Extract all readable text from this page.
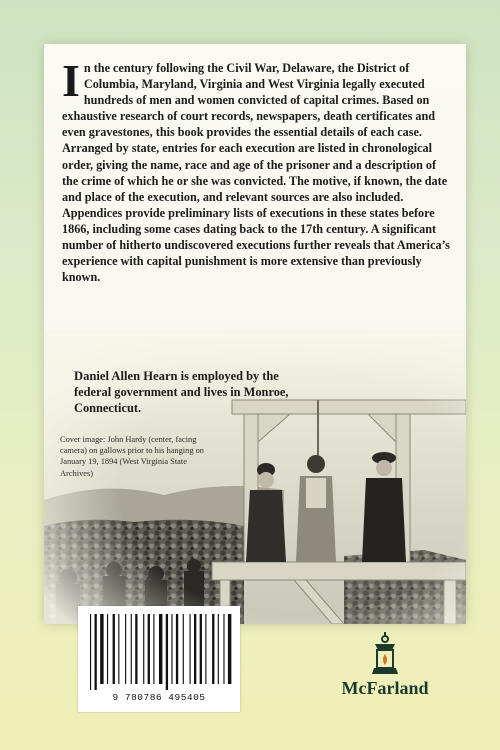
In the century following the Civil War, Delaware, the District of Columbia, Maryland, Virginia and West Virginia legally executed hundreds of men and women convicted of capital crimes. Based on exhaustive research of court records, newspapers, death certificates and even gravestones, this book provides the essential details of each case. Arranged by state, entries for each execution are listed in chronological order, giving the name, race and age of the prisoner and a description of the crime of which he or she was convicted. The motive, if known, the date and place of the execution, and relevant sources are also included. Appendices provide preliminary lists of executions in these states before 1866, including some cases dating back to the 17th century. A significant number of hitherto undiscovered executions further reveals that America’s experience with capital punishment is more extensive than previously known.

Daniel Allen Hearn is employed by the federal government and lives in Monroe, Connecticut.

Cover image: John Hardy (center, facing camera) on gallows prior to his hanging on January 19, 1894 (West Virginia State Archives)

9 780786 495405	McFarland
